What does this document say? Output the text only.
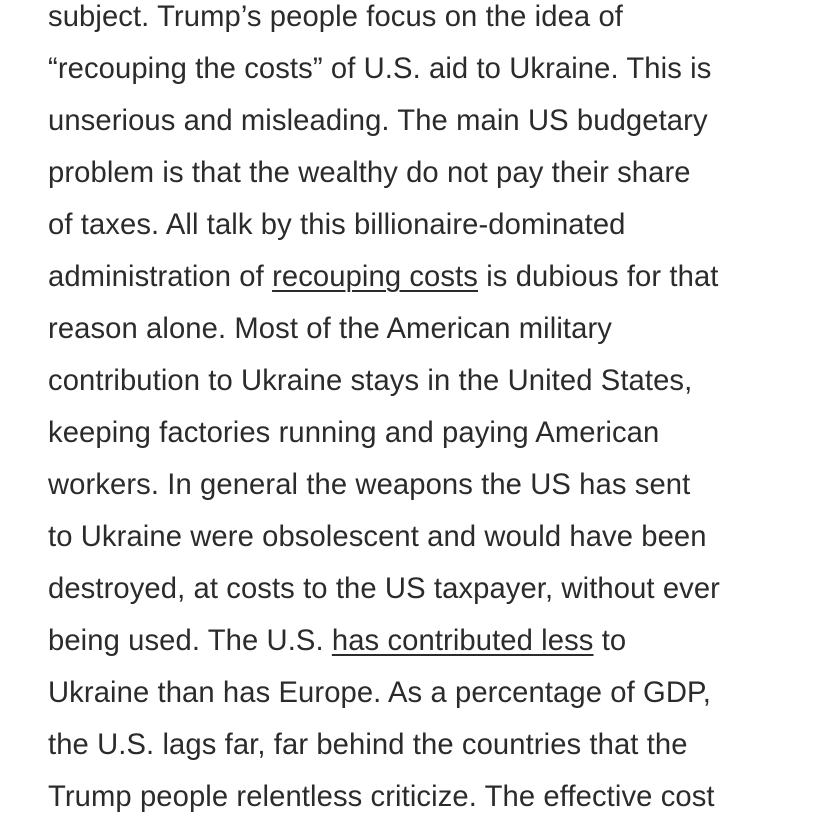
subject. Trump’s people focus on the idea of
“recouping the costs” of U.S. aid to Ukraine. This is
unserious and misleading. The main US budgetary
problem is that the wealthy do not pay their share
of taxes. All talk by this billionaire-dominated
administration of recouping costs is dubious for that
reason alone. Most of the American military
contribution to Ukraine stays in the United States,
keeping factories running and paying American
workers. In general the weapons the US has sent
to Ukraine were obsolescent and would have been
destroyed, at costs to the US taxpayer, without ever
being used. The U.S. has contributed less to
Ukraine than has Europe. As a percentage of GDP,
the U.S. lags far, far behind the countries that the
Trump people relentless criticize. The effective cost
